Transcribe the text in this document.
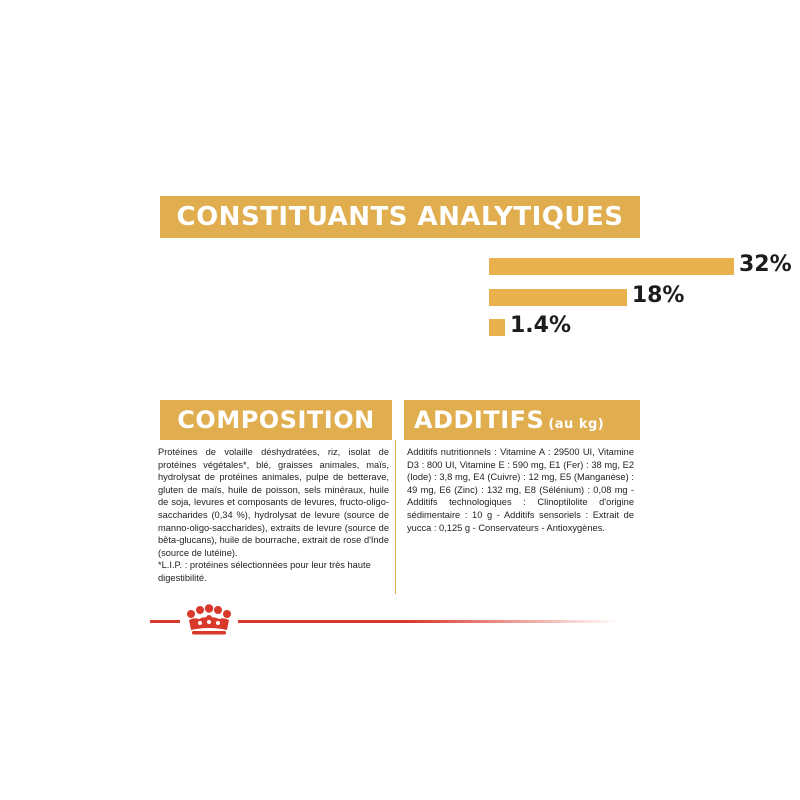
CONSTITUANTS ANALYTIQUES
32%
18%
1.4%
COMPOSITION ADDITIFS (au kg)
Protéines de volaille déshydratées, riz, isolat de protéines végétales*, blé, graisses animales, maïs, hydrolysat de protéines animales, pulpe de betterave, gluten de maïs, huile de poisson, sels minéraux, huile de soja, levures et composants de levures, fructo-oligo-saccharides (0,34 %), hydrolysat de levure (source de manno-oligo-saccharides), extraits de levure (source de bêta-glucans), huile de bourrache, extrait de rose d'Inde (source de lutéine).
*L.I.P. : protéines sélectionnées pour leur très haute digestibilité.
Additifs nutritionnels : Vitamine A : 29500 UI, Vitamine D3 : 800 UI, Vitamine E : 590 mg, E1 (Fer) : 38 mg, E2 (Iode) : 3,8 mg, E4 (Cuivre) : 12 mg, E5 (Manganèse) : 49 mg, E6 (Zinc) : 132 mg, E8 (Sélénium) : 0,08 mg - Additifs technologiques : Clinoptilolite d'origine sédimentaire : 10 g - Additifs sensoriels : Extrait de yucca : 0,125 g - Conservateurs - Antioxygènes.
